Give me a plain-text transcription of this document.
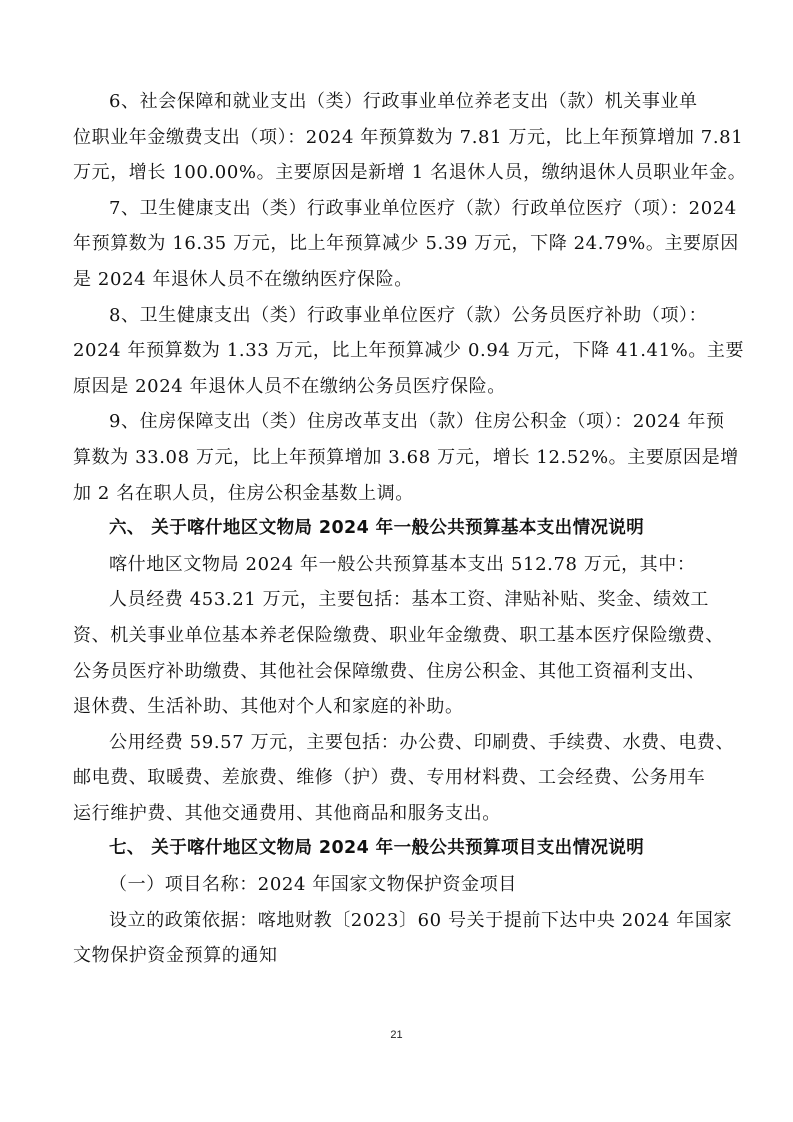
6、社会保障和就业支出（类）行政事业单位养老支出（款）机关事业单
位职业年金缴费支出（项）：2024 年预算数为 7.81 万元，比上年预算增加 7.81
万元，增长 100.00%。主要原因是新增 1 名退休人员，缴纳退休人员职业年金。
7、卫生健康支出（类）行政事业单位医疗（款）行政单位医疗（项）：2024
年预算数为 16.35 万元，比上年预算减少 5.39 万元，下降 24.79%。主要原因
是 2024 年退休人员不在缴纳医疗保险。
8、卫生健康支出（类）行政事业单位医疗（款）公务员医疗补助（项）：
2024 年预算数为 1.33 万元，比上年预算减少 0.94 万元，下降 41.41%。主要
原因是 2024 年退休人员不在缴纳公务员医疗保险。
9、住房保障支出（类）住房改革支出（款）住房公积金（项）：2024 年预
算数为 33.08 万元，比上年预算增加 3.68 万元，增长 12.52%。主要原因是增
加 2 名在职人员，住房公积金基数上调。
六、 关于喀什地区文物局 2024 年一般公共预算基本支出情况说明
喀什地区文物局 2024 年一般公共预算基本支出 512.78 万元，其中：
人员经费 453.21 万元，主要包括：基本工资、津贴补贴、奖金、绩效工
资、机关事业单位基本养老保险缴费、职业年金缴费、职工基本医疗保险缴费、
公务员医疗补助缴费、其他社会保障缴费、住房公积金、其他工资福利支出、
退休费、生活补助、其他对个人和家庭的补助。
公用经费 59.57 万元，主要包括：办公费、印刷费、手续费、水费、电费、
邮电费、取暖费、差旅费、维修（护）费、专用材料费、工会经费、公务用车
运行维护费、其他交通费用、其他商品和服务支出。
七、 关于喀什地区文物局 2024 年一般公共预算项目支出情况说明
（一）项目名称：2024 年国家文物保护资金项目
设立的政策依据：喀地财教〔2023〕60 号关于提前下达中央 2024 年国家
文物保护资金预算的通知
21
